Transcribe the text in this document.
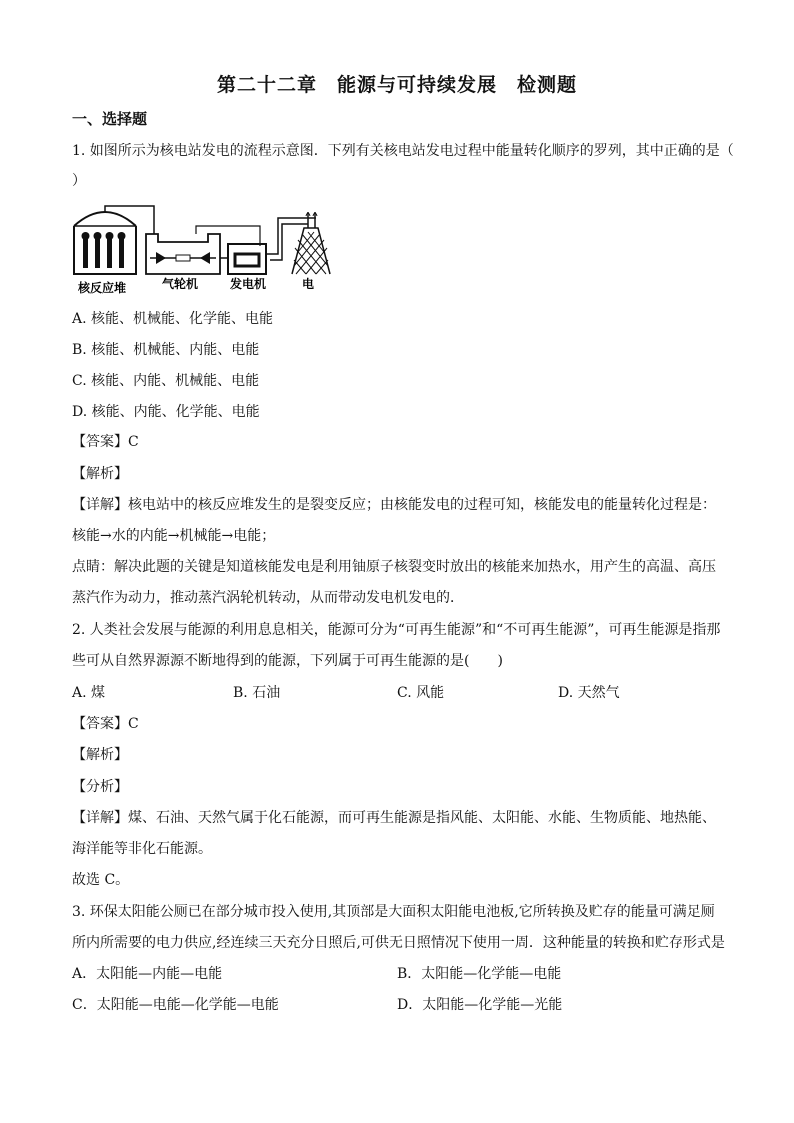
第二十二章　能源与可持续发展　检测题
一、选择题
1. 如图所示为核电站发电的流程示意图．下列有关核电站发电过程中能量转化顺序的罗列，其中正确的是（
）
核反应堆	气轮机	发电机	电
A. 核能、机械能、化学能、电能
B. 核能、机械能、内能、电能
C. 核能、内能、机械能、电能
D. 核能、内能、化学能、电能
【答案】C
【解析】
【详解】核电站中的核反应堆发生的是裂变反应；由核能发电的过程可知，核能发电的能量转化过程是：
核能→水的内能→机械能→电能；
点睛：解决此题的关键是知道核能发电是利用铀原子核裂变时放出的核能来加热水，用产生的高温、高压
蒸汽作为动力，推动蒸汽涡轮机转动，从而带动发电机发电的．
2. 人类社会发展与能源的利用息息相关，能源可分为“可再生能源”和“不可再生能源”，可再生能源是指那
些可从自然界源源不断地得到的能源，下列属于可再生能源的是(　　)
A. 煤	B. 石油	C. 风能	D. 天然气
【答案】C
【解析】
【分析】
【详解】煤、石油、天然气属于化石能源，而可再生能源是指风能、太阳能、水能、生物质能、地热能、
海洋能等非化石能源。
故选 C。
3. 环保太阳能公厕已在部分城市投入使用,其顶部是大面积太阳能电池板,它所转换及贮存的能量可满足厕
所内所需要的电力供应,经连续三天充分日照后,可供无日照情况下使用一周．这种能量的转换和贮存形式是
A．太阳能—内能—电能	B．太阳能—化学能—电能
C．太阳能—电能—化学能—电能	D．太阳能—化学能—光能
